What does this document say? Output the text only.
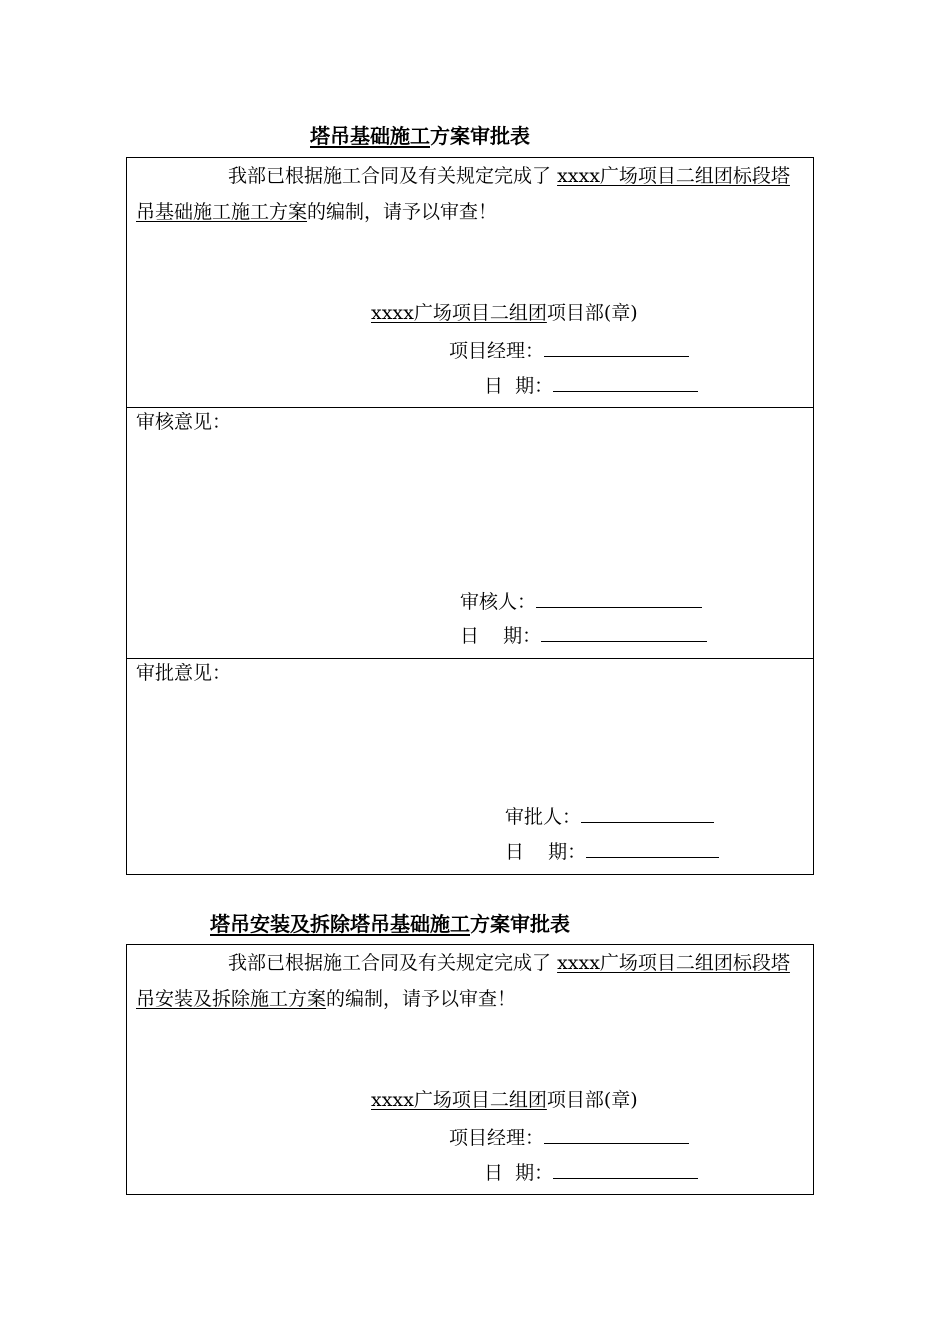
塔吊基础施工方案审批表

我部已根据施工合同及有关规定完成了 xxxx广场项目二组团标段塔吊基础施工施工方案的编制，请予以审查！

xxxx广场项目二组团项目部(章)
项目经理：
日  期：
审核意见：
审核人：
日    期：
审批意见：
审批人：
日    期：
塔吊安装及拆除塔吊基础施工方案审批表

我部已根据施工合同及有关规定完成了 xxxx广场项目二组团标段塔吊安装及拆除施工方案的编制，请予以审查！

xxxx广场项目二组团项目部(章)
项目经理：
日  期：
